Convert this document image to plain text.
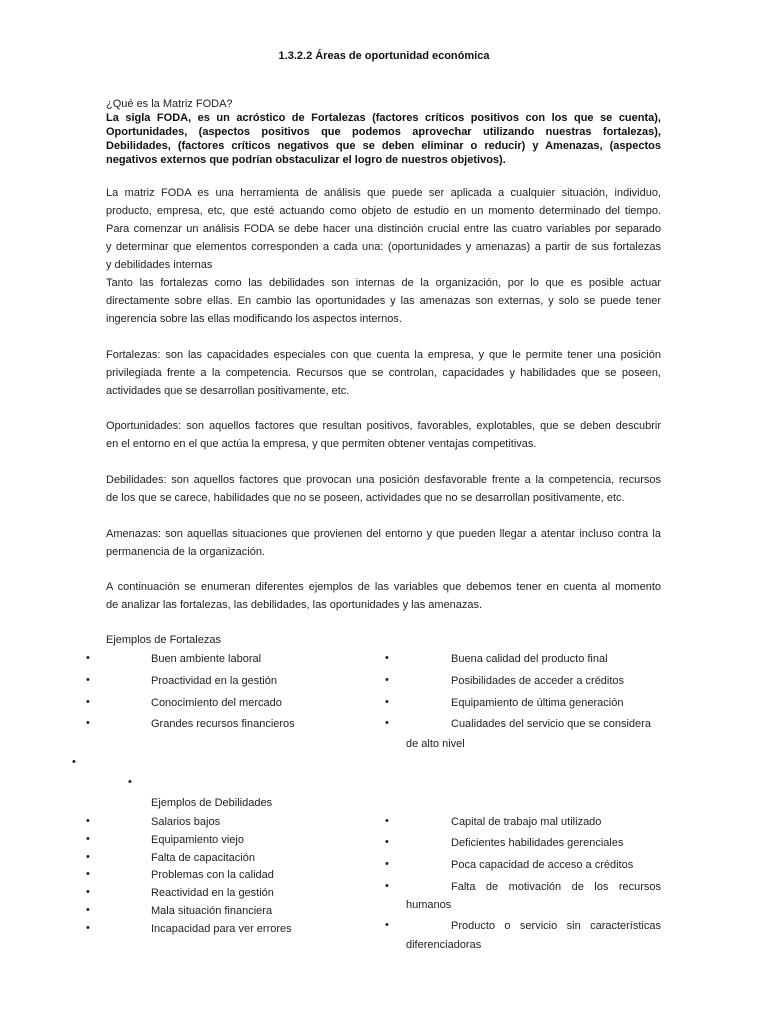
1.3.2.2 Áreas de oportunidad económica
¿Qué es la Matriz FODA?
La sigla FODA, es un acróstico de Fortalezas (factores críticos positivos con los que se cuenta),
Oportunidades, (aspectos positivos que podemos aprovechar utilizando nuestras fortalezas),
Debilidades, (factores críticos negativos que se deben eliminar o reducir) y Amenazas, (aspectos
negativos externos que podrían obstaculizar el logro de nuestros objetivos).
La matriz FODA es una herramienta de análisis que puede ser aplicada a cualquier situación, individuo,
producto, empresa, etc, que esté actuando como objeto de estudio en un momento determinado del tiempo.
Para comenzar un análisis FODA se debe hacer una distinción crucial entre las cuatro variables por separado
y determinar que elementos corresponden a cada una: (oportunidades y amenazas) a partir de sus fortalezas
y debilidades internas
Tanto las fortalezas como las debilidades son internas de la organización, por lo que es posible actuar
directamente sobre ellas. En cambio las oportunidades y las amenazas son externas, y solo se puede tener
ingerencia sobre las ellas modificando los aspectos internos.
Fortalezas: son las capacidades especiales con que cuenta la empresa, y que le permite tener una posición
privilegiada frente a la competencia. Recursos que se controlan, capacidades y habilidades que se poseen,
actividades que se desarrollan positivamente, etc.
Oportunidades: son aquellos factores que resultan positivos, favorables, explotables, que se deben descubrir
en el entorno en el que actúa la empresa, y que permiten obtener ventajas competitivas.
Debilidades: son aquellos factores que provocan una posición desfavorable frente a la competencia, recursos
de los que se carece, habilidades que no se poseen, actividades que no se desarrollan positivamente, etc.
Amenazas: son aquellas situaciones que provienen del entorno y que pueden llegar a atentar incluso contra la
permanencia de la organización.
A continuación se enumeran diferentes ejemplos de las variables que debemos tener en cuenta al momento
de analizar las fortalezas, las debilidades, las oportunidades y las amenazas.
Ejemplos de Fortalezas
•	Buen ambiente laboral
•	Proactividad en la gestión
•	Conocimiento del mercado
•	Grandes recursos financieros
•	Buena calidad del producto final
•	Posibilidades de acceder a créditos
•	Equipamiento de última generación
•	Cualidades del servicio que se considera
de alto nivel
•
•
Ejemplos de Debilidades
•	Salarios bajos
•	Equipamiento viejo
•	Falta de capacitación
•	Problemas con la calidad
•	Reactividad en la gestión
•	Mala situación financiera
•	Incapacidad para ver errores
•	Capital de trabajo mal utilizado
•	Deficientes habilidades gerenciales
•	Poca capacidad de acceso a créditos
•	Falta de motivación de los recursos
humanos
•	Producto o servicio sin características
diferenciadoras
